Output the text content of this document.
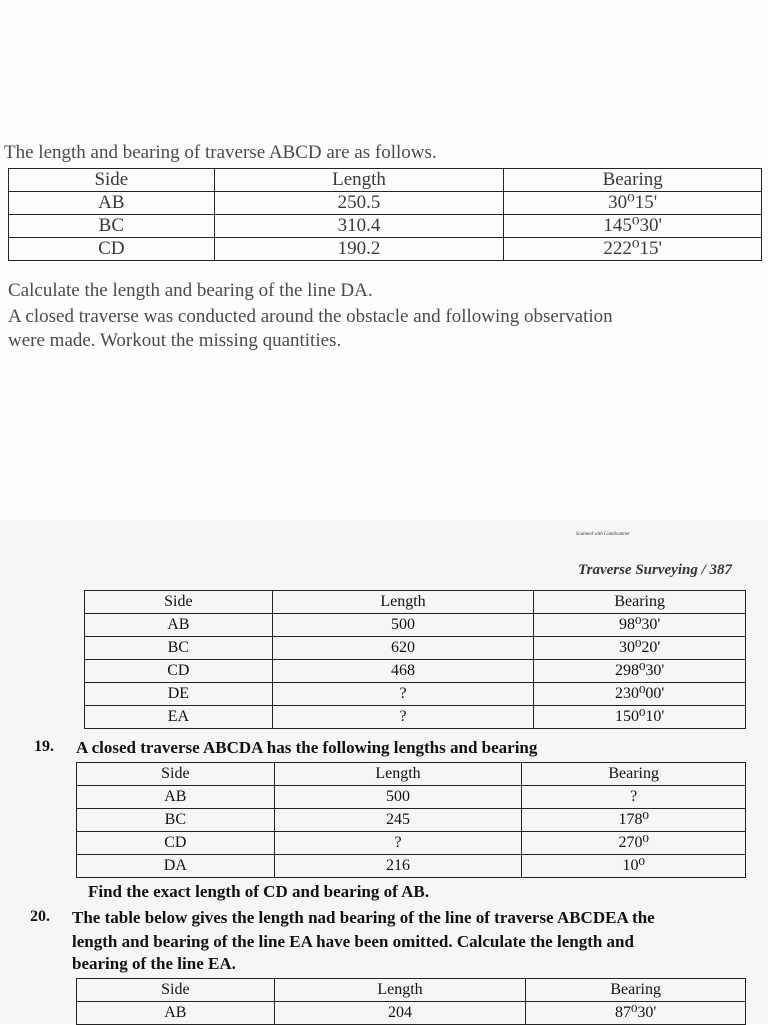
The length and bearing of traverse ABCD are as follows.
Side	Length	Bearing
AB	250.5	30⁰15'
BC	310.4	145⁰30'
CD	190.2	222⁰15'
Calculate the length and bearing of the line DA.
A closed traverse was conducted around the obstacle and following observation
were made. Workout the missing quantities.
Scanned with CamScanner
Traverse Surveying / 387
Side	Length	Bearing
AB	500	98⁰30'
BC	620	30⁰20'
CD	468	298⁰30'
DE	?	230⁰00'
EA	?	150⁰10'
19. A closed traverse ABCDA has the following lengths and bearing
Side	Length	Bearing
AB	500	?
BC	245	178⁰
CD	?	270⁰
DA	216	10⁰
Find the exact length of CD and bearing of AB.
20. The table below gives the length nad bearing of the line of traverse ABCDEA the
length and bearing of the line EA have been omitted. Calculate the length and
bearing of the line EA.
Side	Length	Bearing
AB	204	87⁰30'
